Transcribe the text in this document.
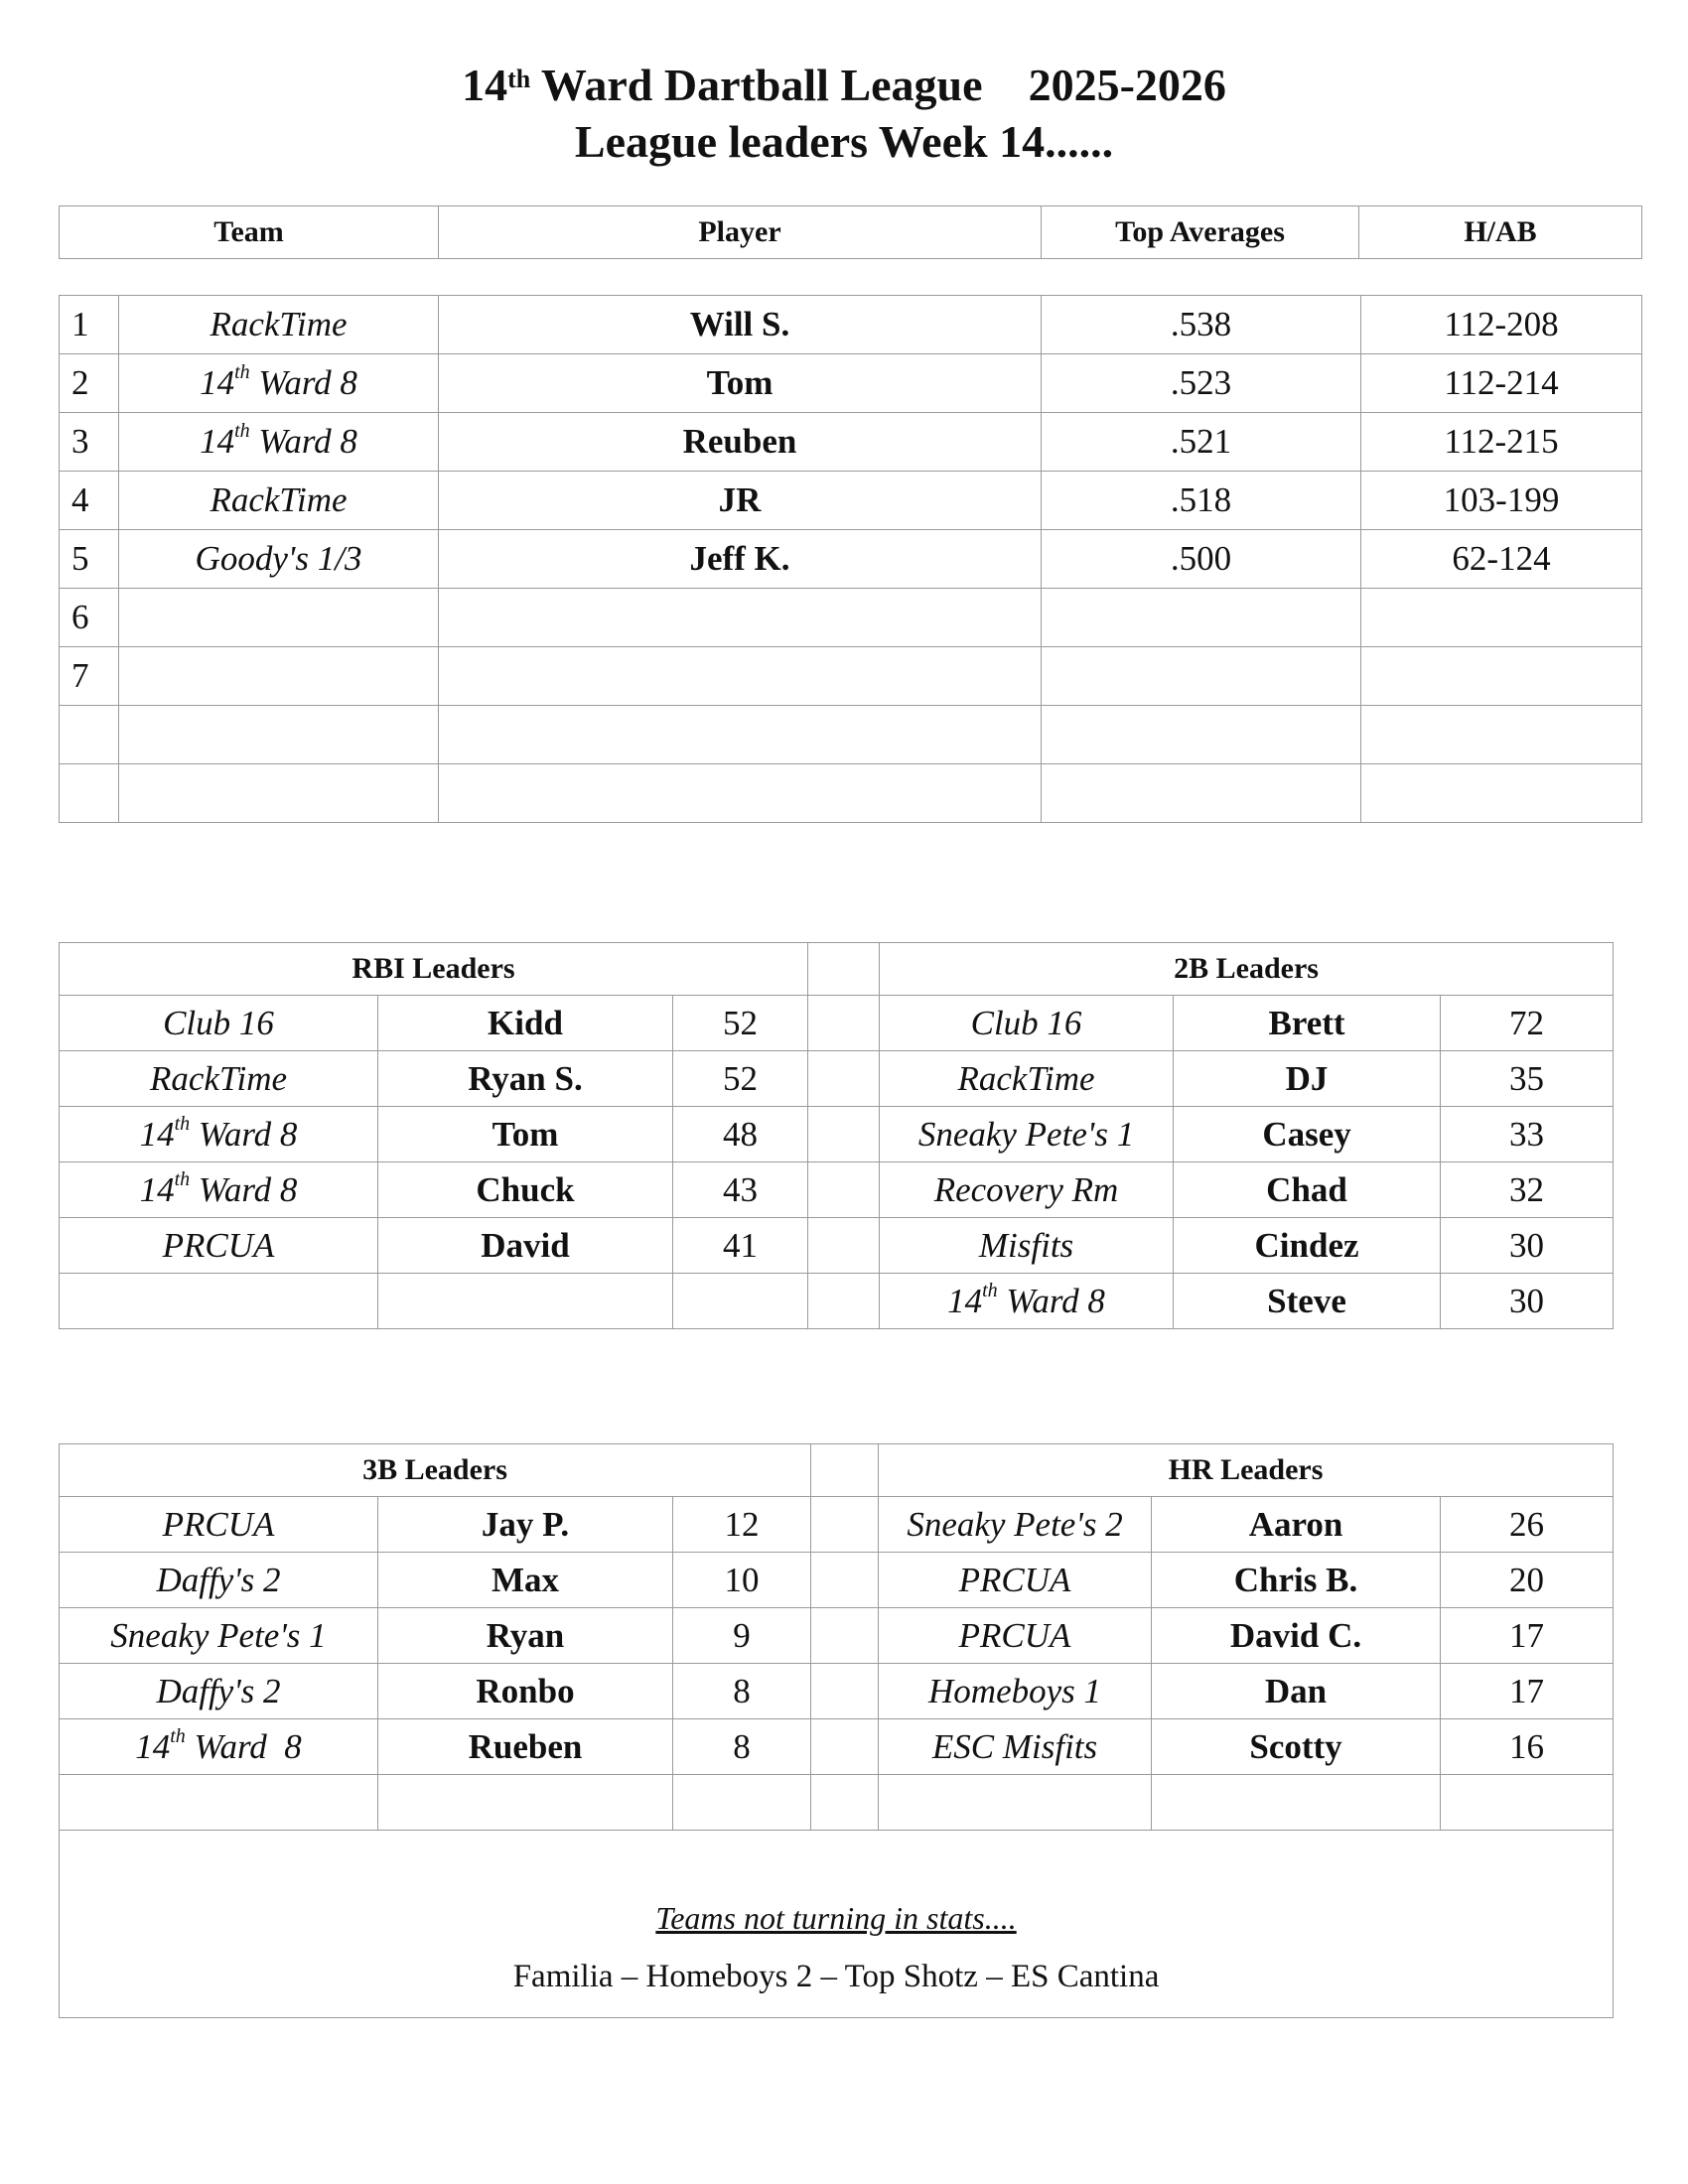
14th Ward Dartball League 2025-2026
League leaders Week 14......
Team	Player	Top Averages	H/AB
1	RackTime	Will S.	.538	112-208
2	14th Ward 8	Tom	.523	112-214
3	14th Ward 8	Reuben	.521	112-215
4	RackTime	JR	.518	103-199
5	Goody's 1/3	Jeff K.	.500	62-124
6				
7				

RBI Leaders				2B Leaders		
Club 16	Kidd	52		Club 16	Brett	72
RackTime	Ryan S.	52		RackTime	DJ	35
14th Ward 8	Tom	48		Sneaky Pete's 1	Casey	33
14th Ward 8	Chuck	43		Recovery Rm	Chad	32
PRCUA	David	41		Misfits	Cindez	30
				14th Ward 8	Steve	30
3B Leaders				HR Leaders		
PRCUA	Jay P.	12		Sneaky Pete's 2	Aaron	26
Daffy's 2	Max	10		PRCUA	Chris B.	20
Sneaky Pete's 1	Ryan	9		PRCUA	David C.	17
Daffy's 2	Ronbo	8		Homeboys 1	Dan	17
14th Ward  8	Rueben	8		ESC Misfits	Scotty	16

Teams not turning in stats....
Familia – Homeboys 2 – Top Shotz – ES Cantina						
